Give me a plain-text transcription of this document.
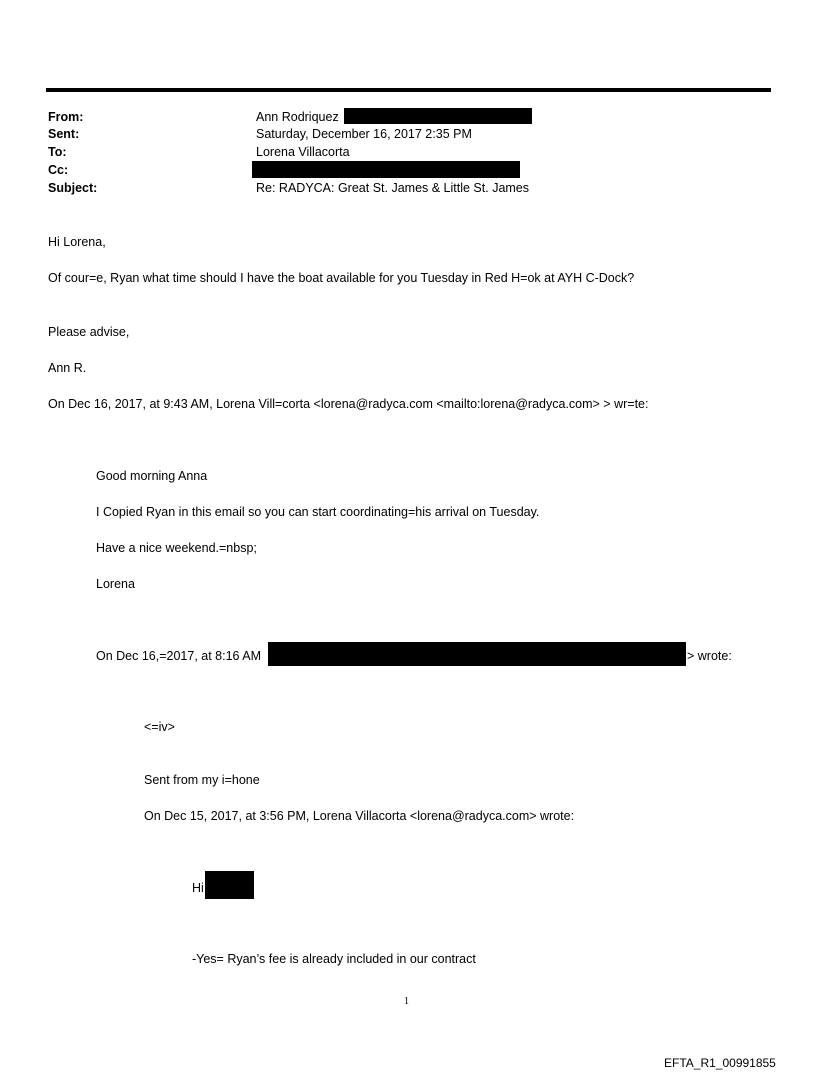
From:	Ann Rodriquez
Sent:	Saturday, December 16, 2017 2:35 PM
To:	Lorena Villacorta
Cc:
Subject:	Re: RADYCA: Great St. James & Little St. James
Hi Lorena,
Of cour=e, Ryan what time should I have the boat available for you Tuesday in Red H=ok at AYH C-Dock?
Please advise,
Ann R.
On Dec 16, 2017, at 9:43 AM, Lorena Vill=corta <lorena@radyca.com <mailto:lorena@radyca.com> > wr=te:
Good morning Anna
I Copied Ryan in this email so you can start coordinating=his arrival on Tuesday.
Have a nice weekend.=nbsp;
Lorena
On Dec 16,=2017, at 8:16 AM	> wrote:
<=iv>
Sent from my i=hone
On Dec 15, 2017, at 3:56 PM, Lorena Villacorta <lorena@radyca.com> wrote:
Hi
-Yes= Ryan’s fee is already included in our contract
1
EFTA_R1_00991855
